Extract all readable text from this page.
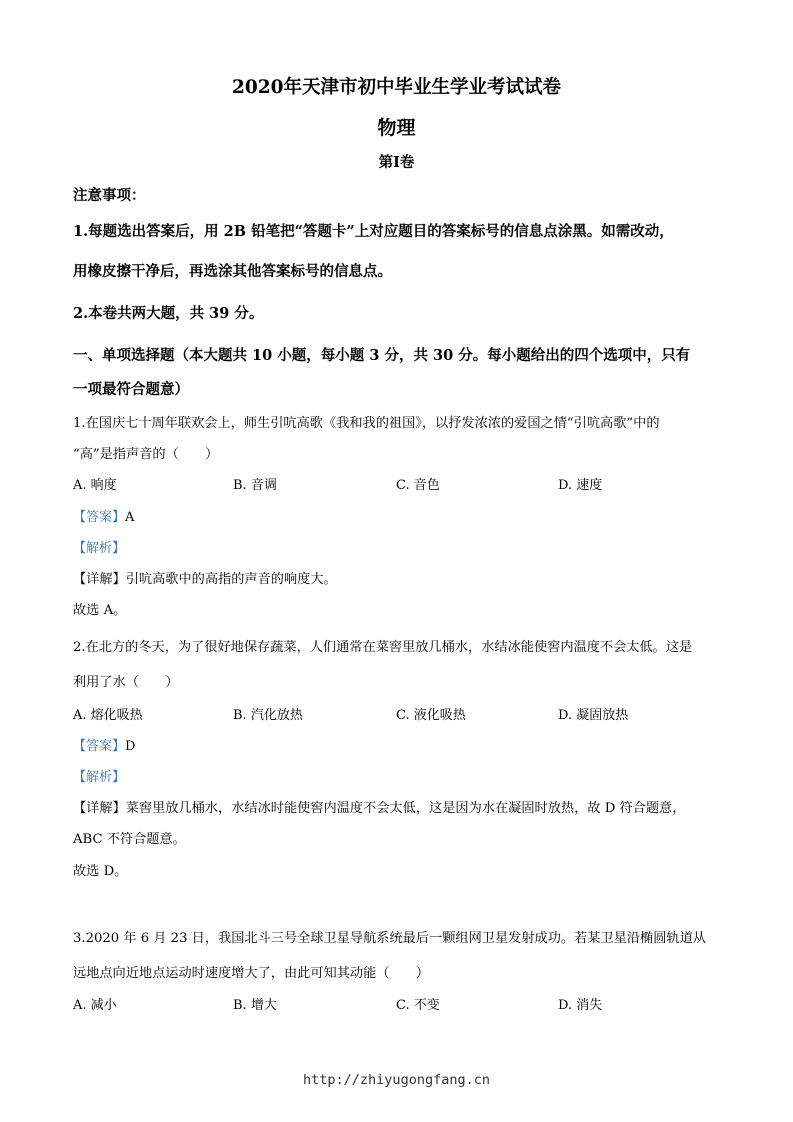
2020年天津市初中毕业生学业考试试卷
物理
第Ⅰ卷
注意事项：
1.每题选出答案后，用 2B 铅笔把“答题卡”上对应题目的答案标号的信息点涂黑。如需改动，
用橡皮擦干净后，再选涂其他答案标号的信息点。
2.本卷共两大题，共 39 分。
一、单项选择题（本大题共 10 小题，每小题 3 分，共 30 分。每小题给出的四个选项中，只有
一项最符合题意）
1.在国庆七十周年联欢会上，师生引吭高歌《我和我的祖国》，以抒发浓浓的爱国之情“引吭高歌”中的
“高”是指声音的（　　）
A. 响度	B. 音调	C. 音色	D. 速度
【答案】A
【解析】
【详解】引吭高歌中的高指的声音的响度大。
故选 A。
2.在北方的冬天，为了很好地保存蔬菜，人们通常在菜窖里放几桶水，水结冰能使窖内温度不会太低。这是
利用了水（　　）
A. 熔化吸热	B. 汽化放热	C. 液化吸热	D. 凝固放热
【答案】D
【解析】
【详解】菜窖里放几桶水，水结冰时能使窖内温度不会太低，这是因为水在凝固时放热，故 D 符合题意，
ABC 不符合题意。
故选 D。
3.2020 年 6 月 23 日，我国北斗三号全球卫星导航系统最后一颗组网卫星发射成功。若某卫星沿椭圆轨道从
远地点向近地点运动时速度增大了，由此可知其动能（　　）
A. 减小	B. 增大	C. 不变	D. 消失
http://zhiyugongfang.cn
